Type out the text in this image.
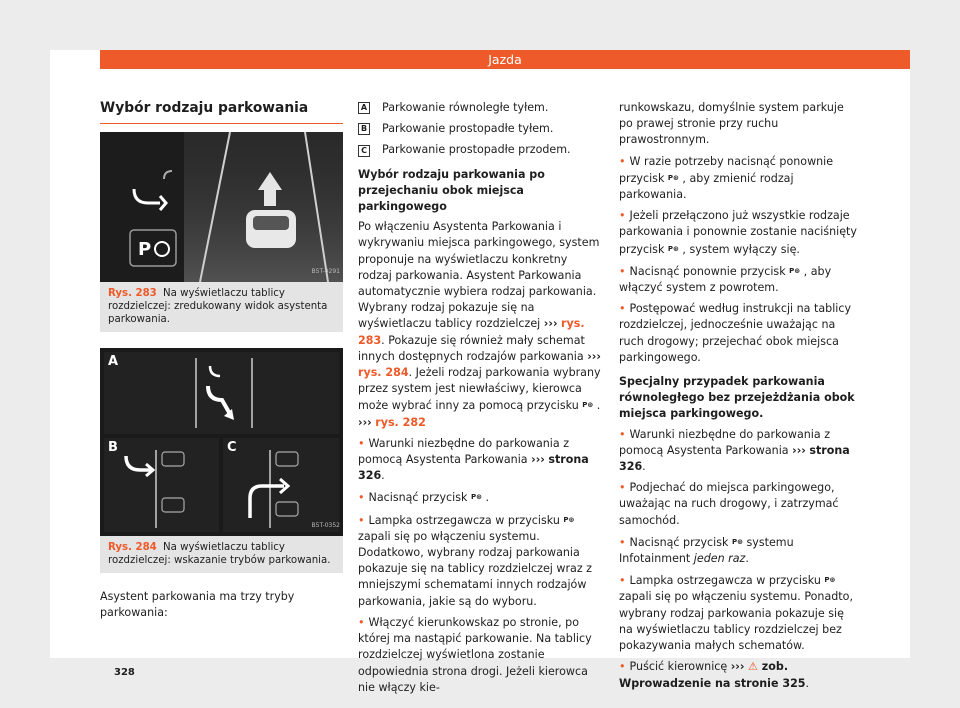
Jazda
Wybór rodzaju parkowania
P
B5T-0291
Rys. 283 Na wyświetlaczu tablicy rozdzielczej: zredukowany widok asystenta parkowania.
A
B	C
B5T-0352
Rys. 284 Na wyświetlaczu tablicy rozdzielczej: wskazanie trybów parkowania.

Asystent parkowania ma trzy tryby parkowania:

A Parkowanie równoległe tyłem.
B Parkowanie prostopadłe tyłem.
C Parkowanie prostopadłe przodem.
Wybór rodzaju parkowania po przejechaniu obok miejsca parkingowego

Po włączeniu Asystenta Parkowania i wykrywaniu miejsca parkingowego, system proponuje na wyświetlaczu konkretny rodzaj parkowania. Asystent Parkowania automatycznie wybiera rodzaj parkowania. Wybrany rodzaj pokazuje się na wyświetlaczu tablicy rozdzielczej ››› rys. 283. Pokazuje się również mały schemat innych dostępnych rodzajów parkowania ››› rys. 284. Jeżeli rodzaj parkowania wybrany przez system jest niewłaściwy, kierowca może wybrać inny za pomocą przycisku P⊛ . ››› rys. 282

• Warunki niezbędne do parkowania z pomocą Asystenta Parkowania ››› strona 326.

• Nacisnąć przycisk P⊛ .

• Lampka ostrzegawcza w przycisku P⊛ zapali się po włączeniu systemu. Dodatkowo, wybrany rodzaj parkowania pokazuje się na tablicy rozdzielczej wraz z mniejszymi schematami innych rodzajów parkowania, jakie są do wyboru.

• Włączyć kierunkowskaz po stronie, po której ma nastąpić parkowanie. Na tablicy rozdzielczej wyświetlona zostanie odpowiednia strona drogi. Jeżeli kierowca nie włączy kie-

runkowskazu, domyślnie system parkuje po prawej stronie przy ruchu prawostronnym.

• W razie potrzeby nacisnąć ponownie przycisk P⊛ , aby zmienić rodzaj parkowania.

• Jeżeli przełączono już wszystkie rodzaje parkowania i ponownie zostanie naciśnięty przycisk P⊛ , system wyłączy się.

• Nacisnąć ponownie przycisk P⊛ , aby włączyć system z powrotem.

• Postępować według instrukcji na tablicy rozdzielczej, jednocześnie uważając na ruch drogowy; przejechać obok miejsca parkingowego.

Specjalny przypadek parkowania równoległego bez przejeżdżania obok miejsca parkingowego.

• Warunki niezbędne do parkowania z pomocą Asystenta Parkowania ››› strona 326.

• Podjechać do miejsca parkingowego, uważając na ruch drogowy, i zatrzymać samochód.

• Nacisnąć przycisk P⊛ systemu Infotainment jeden raz.

• Lampka ostrzegawcza w przycisku P⊛ zapali się po włączeniu systemu. Ponadto, wybrany rodzaj parkowania pokazuje się na wyświetlaczu tablicy rozdzielczej bez pokazywania małych schematów.

• Puścić kierownicę ››› ⚠ zob. Wprowadzenie na stronie 325.

328
